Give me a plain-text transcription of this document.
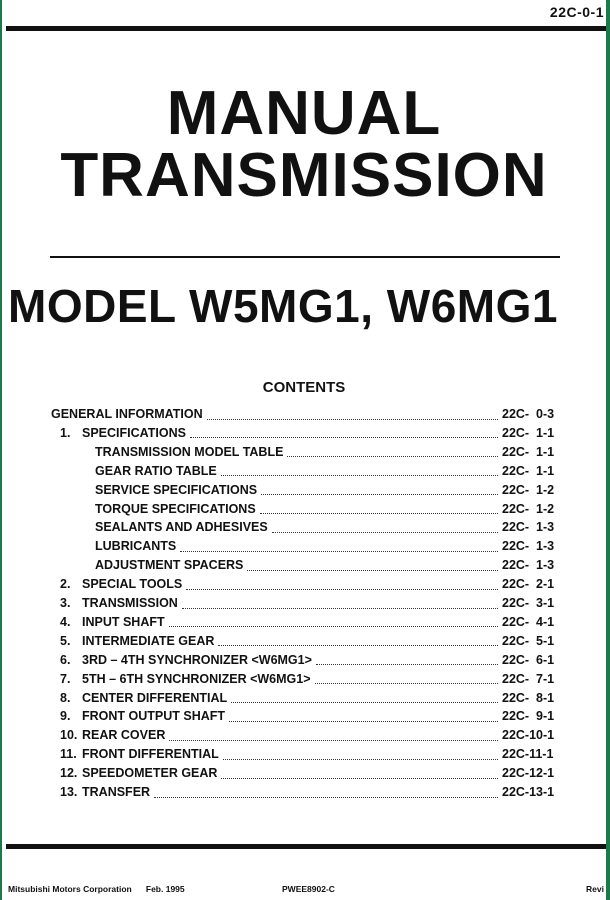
22C-0-1
MANUAL
TRANSMISSION
MODEL W5MG1, W6MG1
CONTENTS
GENERAL INFORMATION	22C-  0-3
1. SPECIFICATIONS	22C-  1-1
TRANSMISSION MODEL TABLE	22C-  1-1
GEAR RATIO TABLE	22C-  1-1
SERVICE SPECIFICATIONS	22C-  1-2
TORQUE SPECIFICATIONS	22C-  1-2
SEALANTS AND ADHESIVES	22C-  1-3
LUBRICANTS	22C-  1-3
ADJUSTMENT SPACERS	22C-  1-3
2. SPECIAL TOOLS	22C-  2-1
3. TRANSMISSION	22C-  3-1
4. INPUT SHAFT	22C-  4-1
5. INTERMEDIATE GEAR	22C-  5-1
6. 3RD – 4TH SYNCHRONIZER <W6MG1>	22C-  6-1
7. 5TH – 6TH SYNCHRONIZER <W6MG1>	22C-  7-1
8. CENTER DIFFERENTIAL	22C-  8-1
9. FRONT OUTPUT SHAFT	22C-  9-1
10. REAR COVER	22C-10-1
11. FRONT DIFFERENTIAL	22C-11-1
12. SPEEDOMETER GEAR	22C-12-1
13. TRANSFER	22C-13-1
Mitsubishi Motors Corporation Feb. 1995	PWEE8902-C	Revi
